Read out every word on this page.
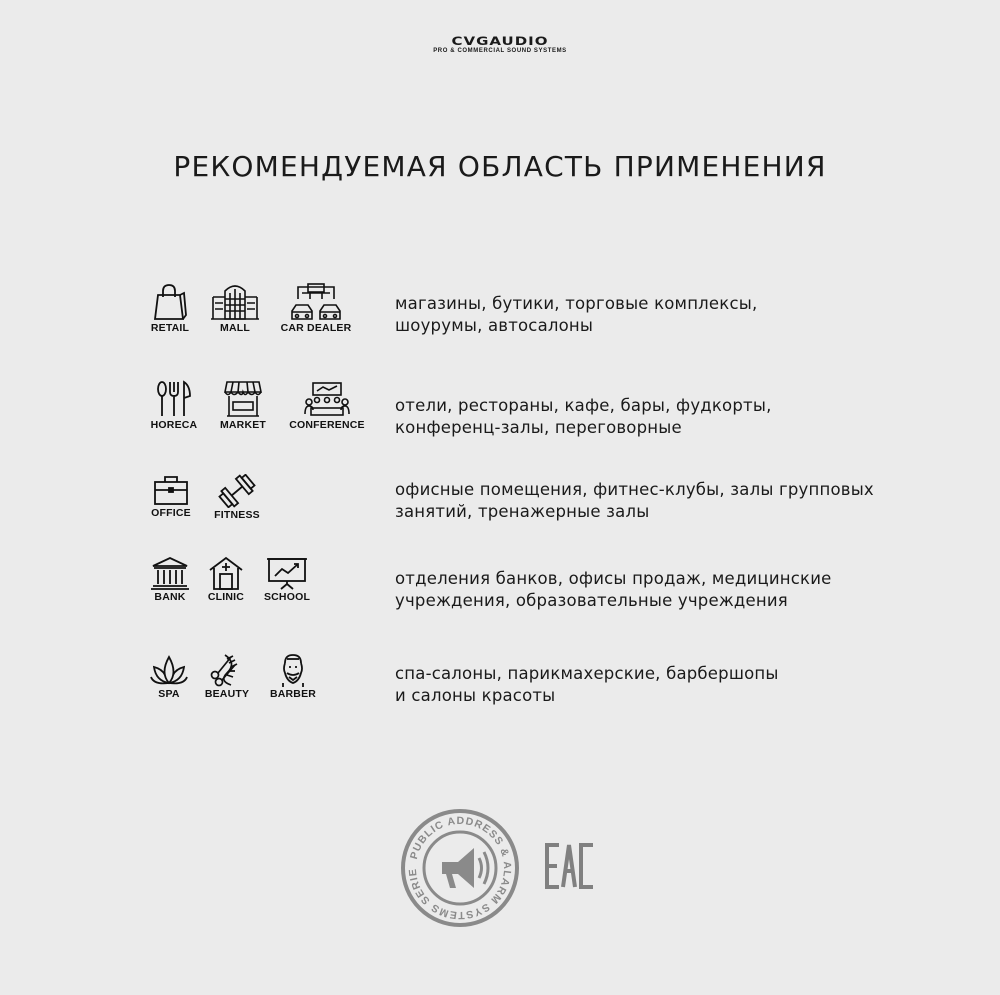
CVGAUDIO
PRO & COMMERCIAL SOUND SYSTEMS
РЕКОМЕНДУЕМАЯ ОБЛАСТЬ ПРИМЕНЕНИЯ
RETAIL	MALL	CAR DEALER
магазины, бутики, торговые комплексы,
шоурумы, автосалоны
HORECA	MARKET	CONFERENCE
отели, рестораны, кафе, бары, фудкорты,
конференц-залы, переговорные
OFFICE	FITNESS
офисные помещения, фитнес-клубы, залы групповых
занятий, тренажерные залы
BANK	CLINIC	SCHOOL
отделения банков, офисы продаж, медицинские
учреждения, образовательные учреждения
SPA	BEAUTY	BARBER
спа-салоны, парикмахерские, барбершопы
и салоны красоты
PUBLIC ADDRESS & ALARM SYSTEMS SERIE
